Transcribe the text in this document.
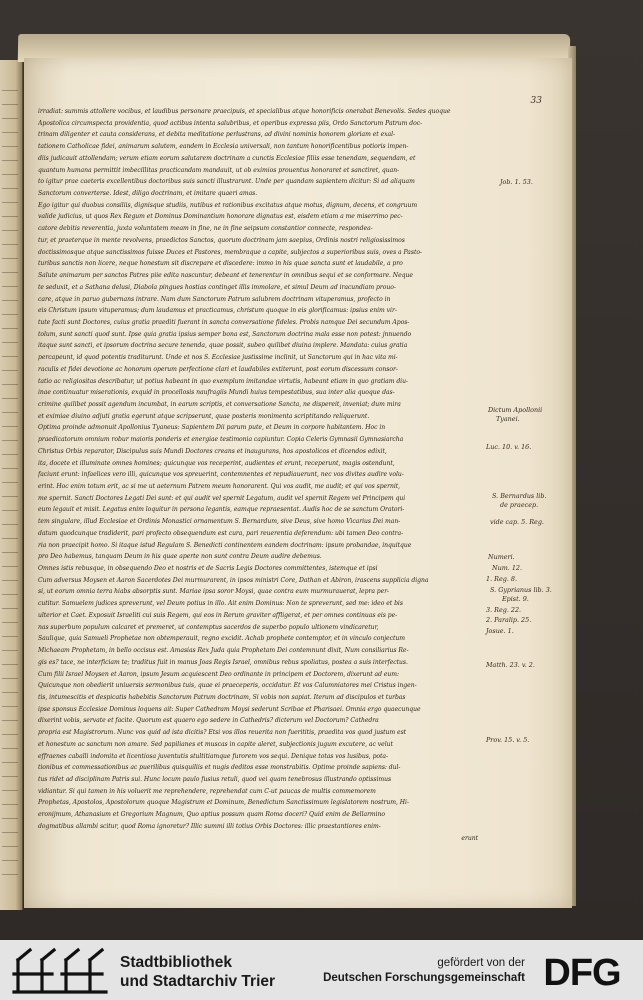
33
irradiat: summis attollere vocibus, et laudibus personare praecipuis, et specialibus atque honorificis onerabat Benevolis. Sedes quoque
Apostolica circumspecta providentia, quod actibus intenta salubribus, et operibus expressa piis, Ordo Sanctorum Patrum doc-
trinam diligenter et cauta considerans, et debita meditatione perlustrans, ad divini nominis honorem gloriam et exal-
tationem Catholicae fidei, animarum salutem, eandem in Ecclesia universali, non tantum honorificentibus potioris impen-
diis judicauit attollendam; verum etiam eorum salutarem doctrinam a cunctis Ecclesiae filiis esse tenendam, sequendam, et
quantum humana permittit imbecillitas practicandam mandauit, ut ob eximios prouentus honoraret et sanctiret, quan-
to igitur prae caeteris excellentibus doctoribus suis sancti illustrarunt. Unde per quandam sapientem dicitur: Si ad aliquam
Sanctorum converterse. Idest, diligo doctrinam, et imitare quaeri amas.
Ego igitur qui duobus consiliis, dignisque studiis, nutibus et rationibus excitatus atque motus, dignum, decens, et congruum
valide judicius, ut quos Rex Regum et Dominus Dominantium honorare dignatus est, eisdem etiam a me miserrimo pec-
catore debitis reverentia, juxta voluntatem meam in fine, ne in fine seipsum constantior connecte, respondea-
tur, et praeterque in mente revolvens, praedictos Sanctos, quorum doctrinam jam saepius, Ordinis nostri religiosissimos
doctissimosque atque sanctissimos fuisse Duces et Pastores, membraque a capite, subjectos a superioribus suis, oves a Pasto-
turibus sanctis non licere, neque honestum sit discrepare et discedere: immo in his quae sancta sunt et laudabile, a pro
Salute animarum per sanctos Patres piie edita nascuntur, debeant et tenerentur in omnibus sequi et se conformare. Neque
te seduxit, et a Sathana delusi, Diabola pingues hostias continget illis immolare, et simul Deum ad iracundiam prouo-
care, atque in paruo gubernans intrare. Nam dum Sanctorum Patrum salubrem doctrinam vituperamus, profecto in
eis Christum ipsum vituperamus; dum laudamus et practicamus, christum quoque in eis glorificamus: ipsius enim vir-
tute facti sunt Doctores, cuius gratia praediti fuerant in sancta conversatione fideles. Probis namque Dei secundum Apos-
tolum, sunt sancti quod sunt. Ipse quia gratia ipsius semper bona est, Sanctorum doctrina mala esse non potest: jnnuendo
itaque sunt sancti, et ipsorum doctrina secure tenenda, quae possit, subeo quilibet diuina implere. Mandata: cuius gratia
percapeunt, id quod potentis traditurunt. Unde et nos S. Ecclesiae justissime inclinit, ut Sanctorum qui in hac vita mi-
raculis et fidei devotione ac honorum operum perfectione clari et laudabiles extiterunt, post eorum discessum consor-
tatio ac religiositas describatur, ut potius habeant in quo exemplum imitandae virtutis, habeant etiam in quo gratiam diu-
inae continuatur miserationis, exquid in procellosis naufragiis Mundi huius tempestatibus, sua inter alia quoque das-
crimine quilibet possit agendum incumbat, in earum scriptis, et conversatione Sancta, ne dispereit, inveniat; dum mira
et eximiae diuino adjuti gratia egerunt atque scripserunt, quae posteris monimenta scriptitando reliquerunt.
Optima proinde admonuit Apollonius Tyaneus: Sapientem Dii parum pute, et Deum in corpore habitantem. Hoc in
praedicatorum omnium robur maioris ponderis et energiae testimonia capiuntur. Copia Celeris Gymnasii Gymnasiarcha
Christus Orbis reparator, Discipulus suis Mundi Doctores creans et inaugurans, hos apostolicos et dicendos edixit,
ita, docete et illuminate omnes homines; quicunque vos receperint, audientes et erunt, receperunt, magis ostendunt,
faciunt erunt: infaelices vero illi, quicunque vos spreuerint, contemnentes et repudiauerunt, nec vos divites audire volu-
erint. Hoc enim totum erit, ac si me ut aeternum Patrem meum honorarent. Qui vos audit, me audit; et qui vos spernit,
me spernit. Sancti Doctores Legati Dei sunt: et qui audit vel spernit Legatum, audit vel spernit Regem vel Principem qui
eum legauit et misit. Legatus enim loquitur in persona legantis, eamque repraesentat. Audis hoc de se sanctum Oratori-
tem singulare, illud Ecclesiae et Ordinis Monastici ornamentum S. Bernardum, sive Deus, sive homo Vicarius Dei man-
datum quodcunque tradiderit, pari profecto obsequendum est cura, pari reuerentia deferendum: ubi tamen Deo contra-
ria non praecipit homo. Si itaque istud Regulam S. Benedicti continentem eandem doctrinam: ipsum probandae, inquitque
pro Deo habemus, tanquam Deum in his quae aperte non sunt contra Deum audire debemus.
Omnes istis rebusque, in obsequendo Deo et nostris et de Sacris Legis Doctores committentes, istemque et ipsi
Cum adversus Moysen et Aaron Sacerdotes Dei murmurarent, in ipsos ministri Core, Dathan et Abiron, irascens supplicia digna
si, ut eorum omnia terra hiabs absorptis sunt. Mariae ipsa soror Moysi, quae contra eum murmurauerat, lepra per-
cutitur. Samuelem judices spreverunt, vel Deum potius in illo. Ait enim Dominus: Non te spreverunt, sed me: ideo et bis
ulterior et Caet. Exposuit Israeliti cui suis Regem, qui eos in Rerum graviter affligerat, et per omnes continuas eis pe-
nas superbum populum calcaret et premeret, ut contemptus sacerdos de superbo populo ultionem vindicaretur,
Saulique, quia Samueli Prophetae non obtemperauit, regno excidit. Achab prophete contemptor, et in vinculo conjectum
Michaeam Prophetam, in bello occisus est. Amasias Rex Juda quia Prophetam Dei contemnunt dixit, Num consiliarius Re-
gis es? tace, ne interficiam te; traditus fuit in manus Joas Regis Israel, omnibus rebus spoliatus, postea a suis interfectus.
Cum filii Israel Moysen et Aaron, ipsum Jesum acquiescent Deo ordinante in principem et Doctorem, dixerunt ad eum:
Quicunque non obedierit uniuersis sermonibus tuis, quae ei praeceperis, occidatur. Et vos Calumniatores mei Cristus ingen-
tis, intumescitis et despicatis habebitis Sanctorum Patrum doctrinam, Si vobis non sapiat. Iterum ad discipulos et turbas
ipse sponsus Ecclesiae Dominus loquens ait: Super Cathedram Moysi sederunt Scribae et Pharisaei. Omnia ergo quaecunque
dixerint vobis, servate et facite. Quorum est quaero ego sedere in Cathedris? dicterum vel Doctorum? Cathedra
propria est Magistrorum. Nunc vos quid ad ista dicitis? Etsi vos illos reuerita non fuerititis, praedita vos quod justum est
et honestum ac sanctum non amare. Sed papilianes et muscas in capite aleret, subjectionis jugum excutere, ac velut
effraenes caballi indomita et licentiosa juventutis stultitiamque furorem vos sequi. Denique totas vos lusibus, pota-
tionibus et commessationibus ac puerilibus quisquiliis et nugis deditos esse monstrabitis. Optime proinde sapiens: dul-
tus ridet ad disciplinam Patris sui. Hunc locum paulo fusius retuli, quod vei quam tenebrosus illustrando optissimus
vidiantur. Si qui tamen in his voluerit me reprehendere, reprehendat cum C-ut paucas de multis commemorem
Prophetas, Apostolos, Apostolorum quoque Magistrum et Dominum, Benedictum Sanctissimum legislatorem nostrum, Hi-
eronijmum, Athanasium et Gregorium Magnum, Quo aptius possum quam Roma doceri? Quid enim de Bellarmino
dogmatibus allambi scitur, quod Roma ignoretur? Illic summi illi totius Orbis Doctores: illic praestantiores enim-
erunt
Job. 1. 53.
Dictum Apollonii
Tyanei.
Luc. 10. v. 16.
S. Bernardus lib.
de praecep.
vide cap. 5. Reg.
Numeri.
Num. 12.
1. Reg. 8.
S. Gyprianus lib. 3.
Epist. 9.
3. Reg. 22.
2. Paralip. 25.
Josue. 1.
Matth. 23. v. 2.
Prov. 15. v. 5.
Stadtbibliothek
und Stadtarchiv Trier
gefördert von der
Deutschen Forschungsgemeinschaft DFG
